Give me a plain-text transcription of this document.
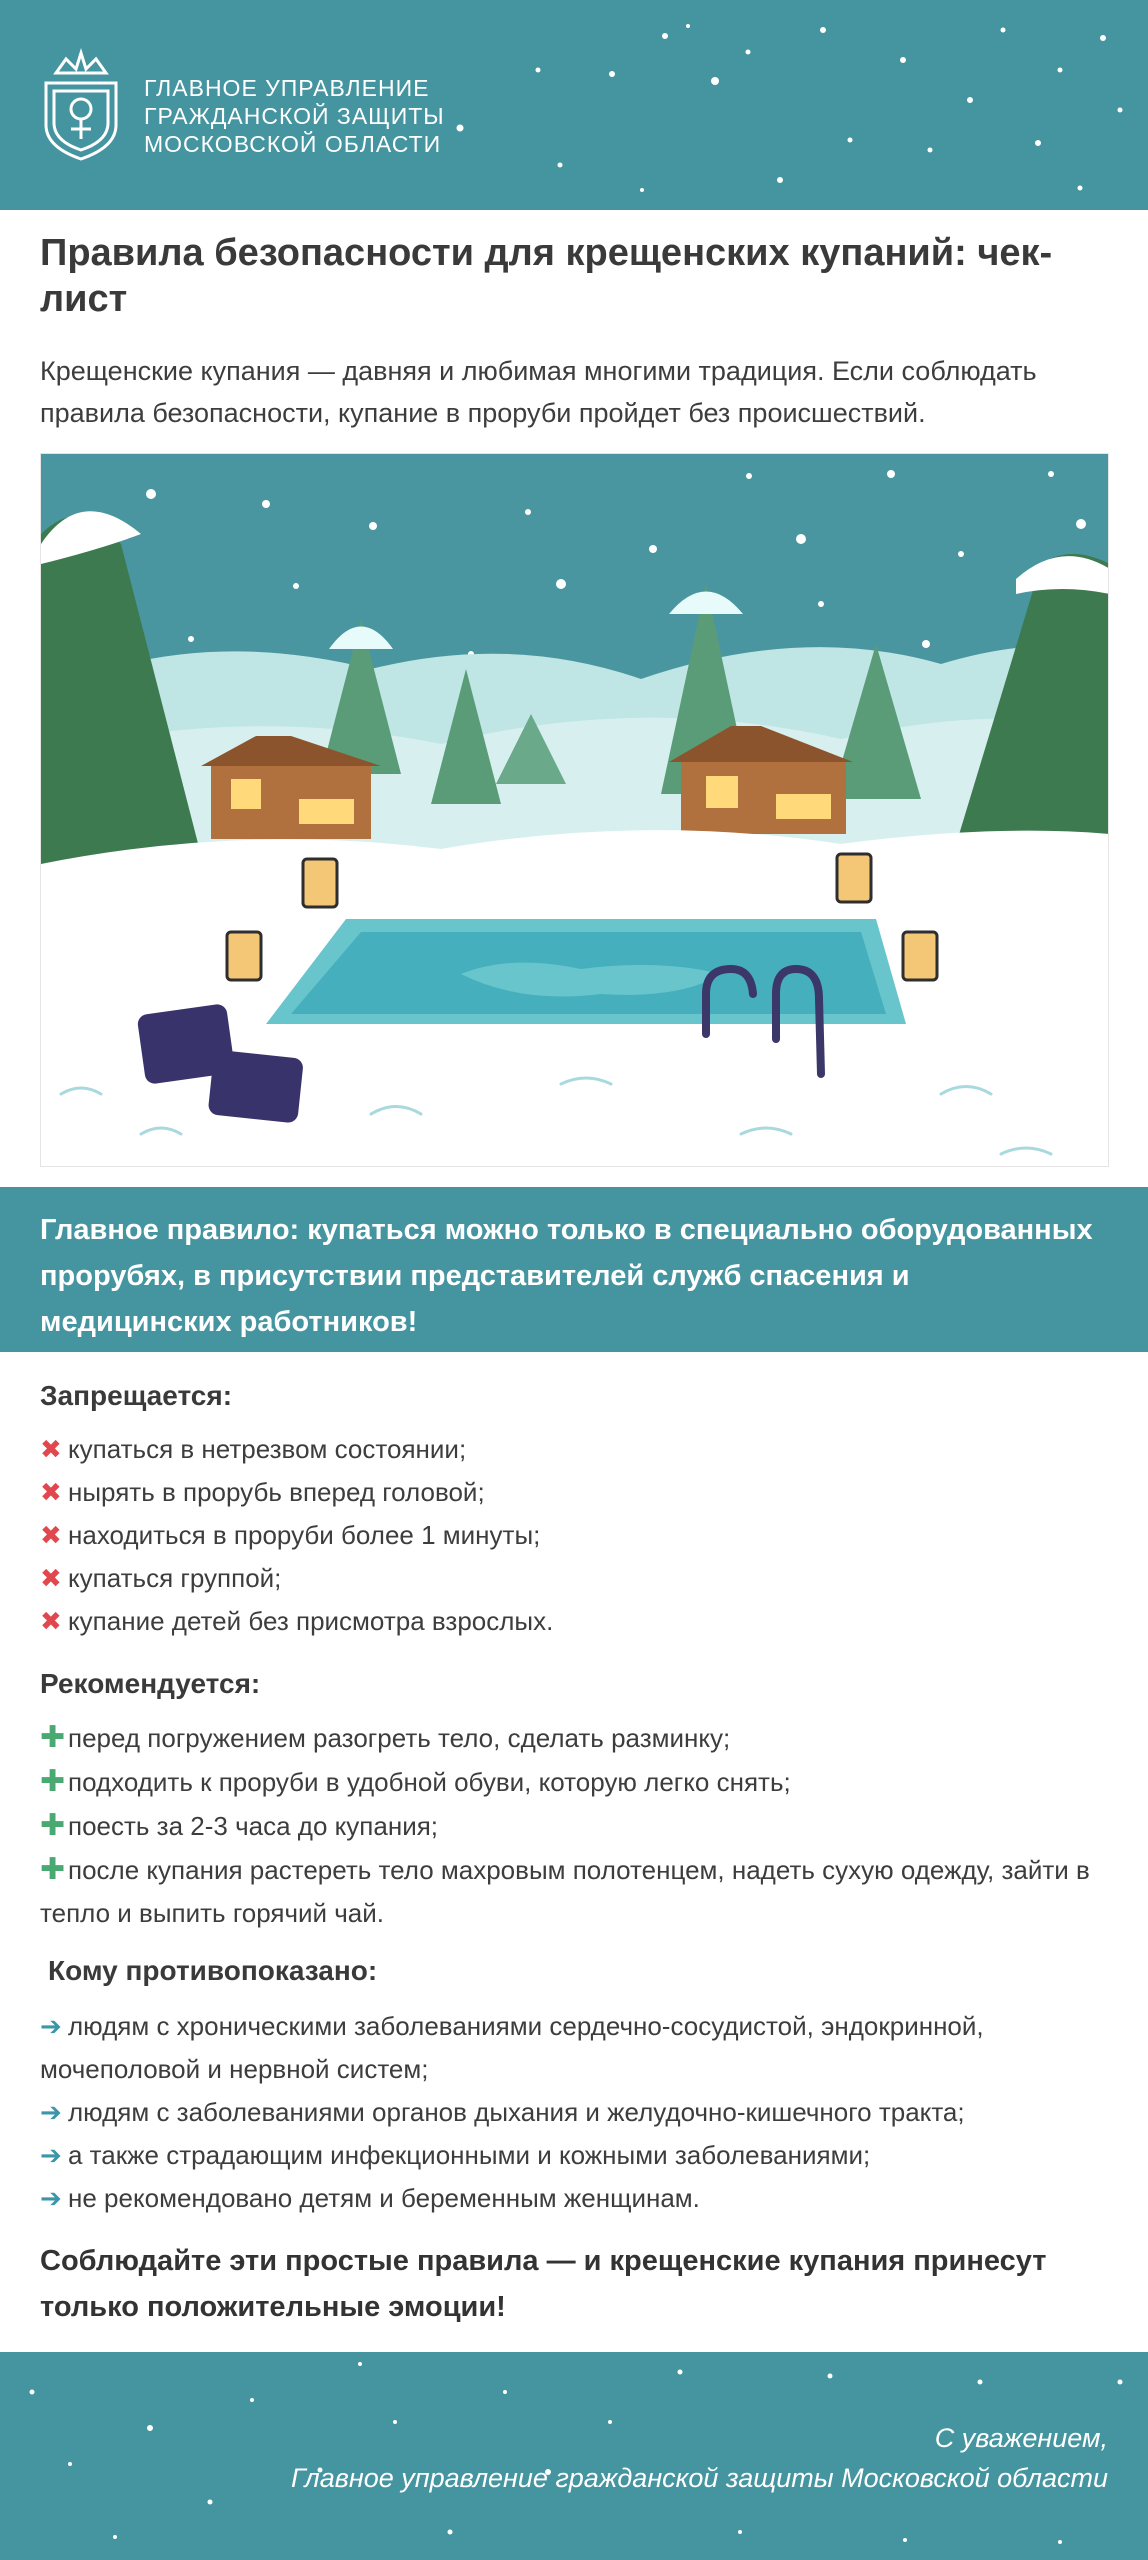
ГЛАВНОЕ УПРАВЛЕНИЕ
ГРАЖДАНСКОЙ ЗАЩИТЫ
МОСКОВСКОЙ ОБЛАСТИ
Правила безопасности для крещенских купаний: чек-лист

Крещенские купания — давняя и любимая многими традиция. Если соблюдать правила безопасности, купание в проруби пройдет без происшествий.

Главное правило: купаться можно только в специально оборудованных прорубях, в присутствии представителей служб спасения и медицинских работников!
Запрещается:
✖ купаться в нетрезвом состоянии;
✖ нырять в прорубь вперед головой;
✖ находиться в проруби более 1 минуты;
✖ купаться группой;
✖ купание детей без присмотра взрослых.
Рекомендуется:
✚ перед погружением разогреть тело, сделать разминку;
✚ подходить к проруби в удобной обуви, которую легко снять;
✚ поесть за 2-3 часа до купания;
✚ после купания растереть тело махровым полотенцем, надеть сухую одежду, зайти в тепло и выпить горячий чай.
Кому противопоказано:
➔ людям с хроническими заболеваниями сердечно-сосудистой, эндокринной, мочеполовой и нервной систем;
➔ людям с заболеваниями органов дыхания и желудочно-кишечного тракта;
➔ а также страдающим инфекционными и кожными заболеваниями;
➔ не рекомендовано детям и беременным женщинам.
Соблюдайте эти простые правила — и крещенские купания принесут только положительные эмоции!
С уважением,
Главное управление гражданской защиты Московской области
